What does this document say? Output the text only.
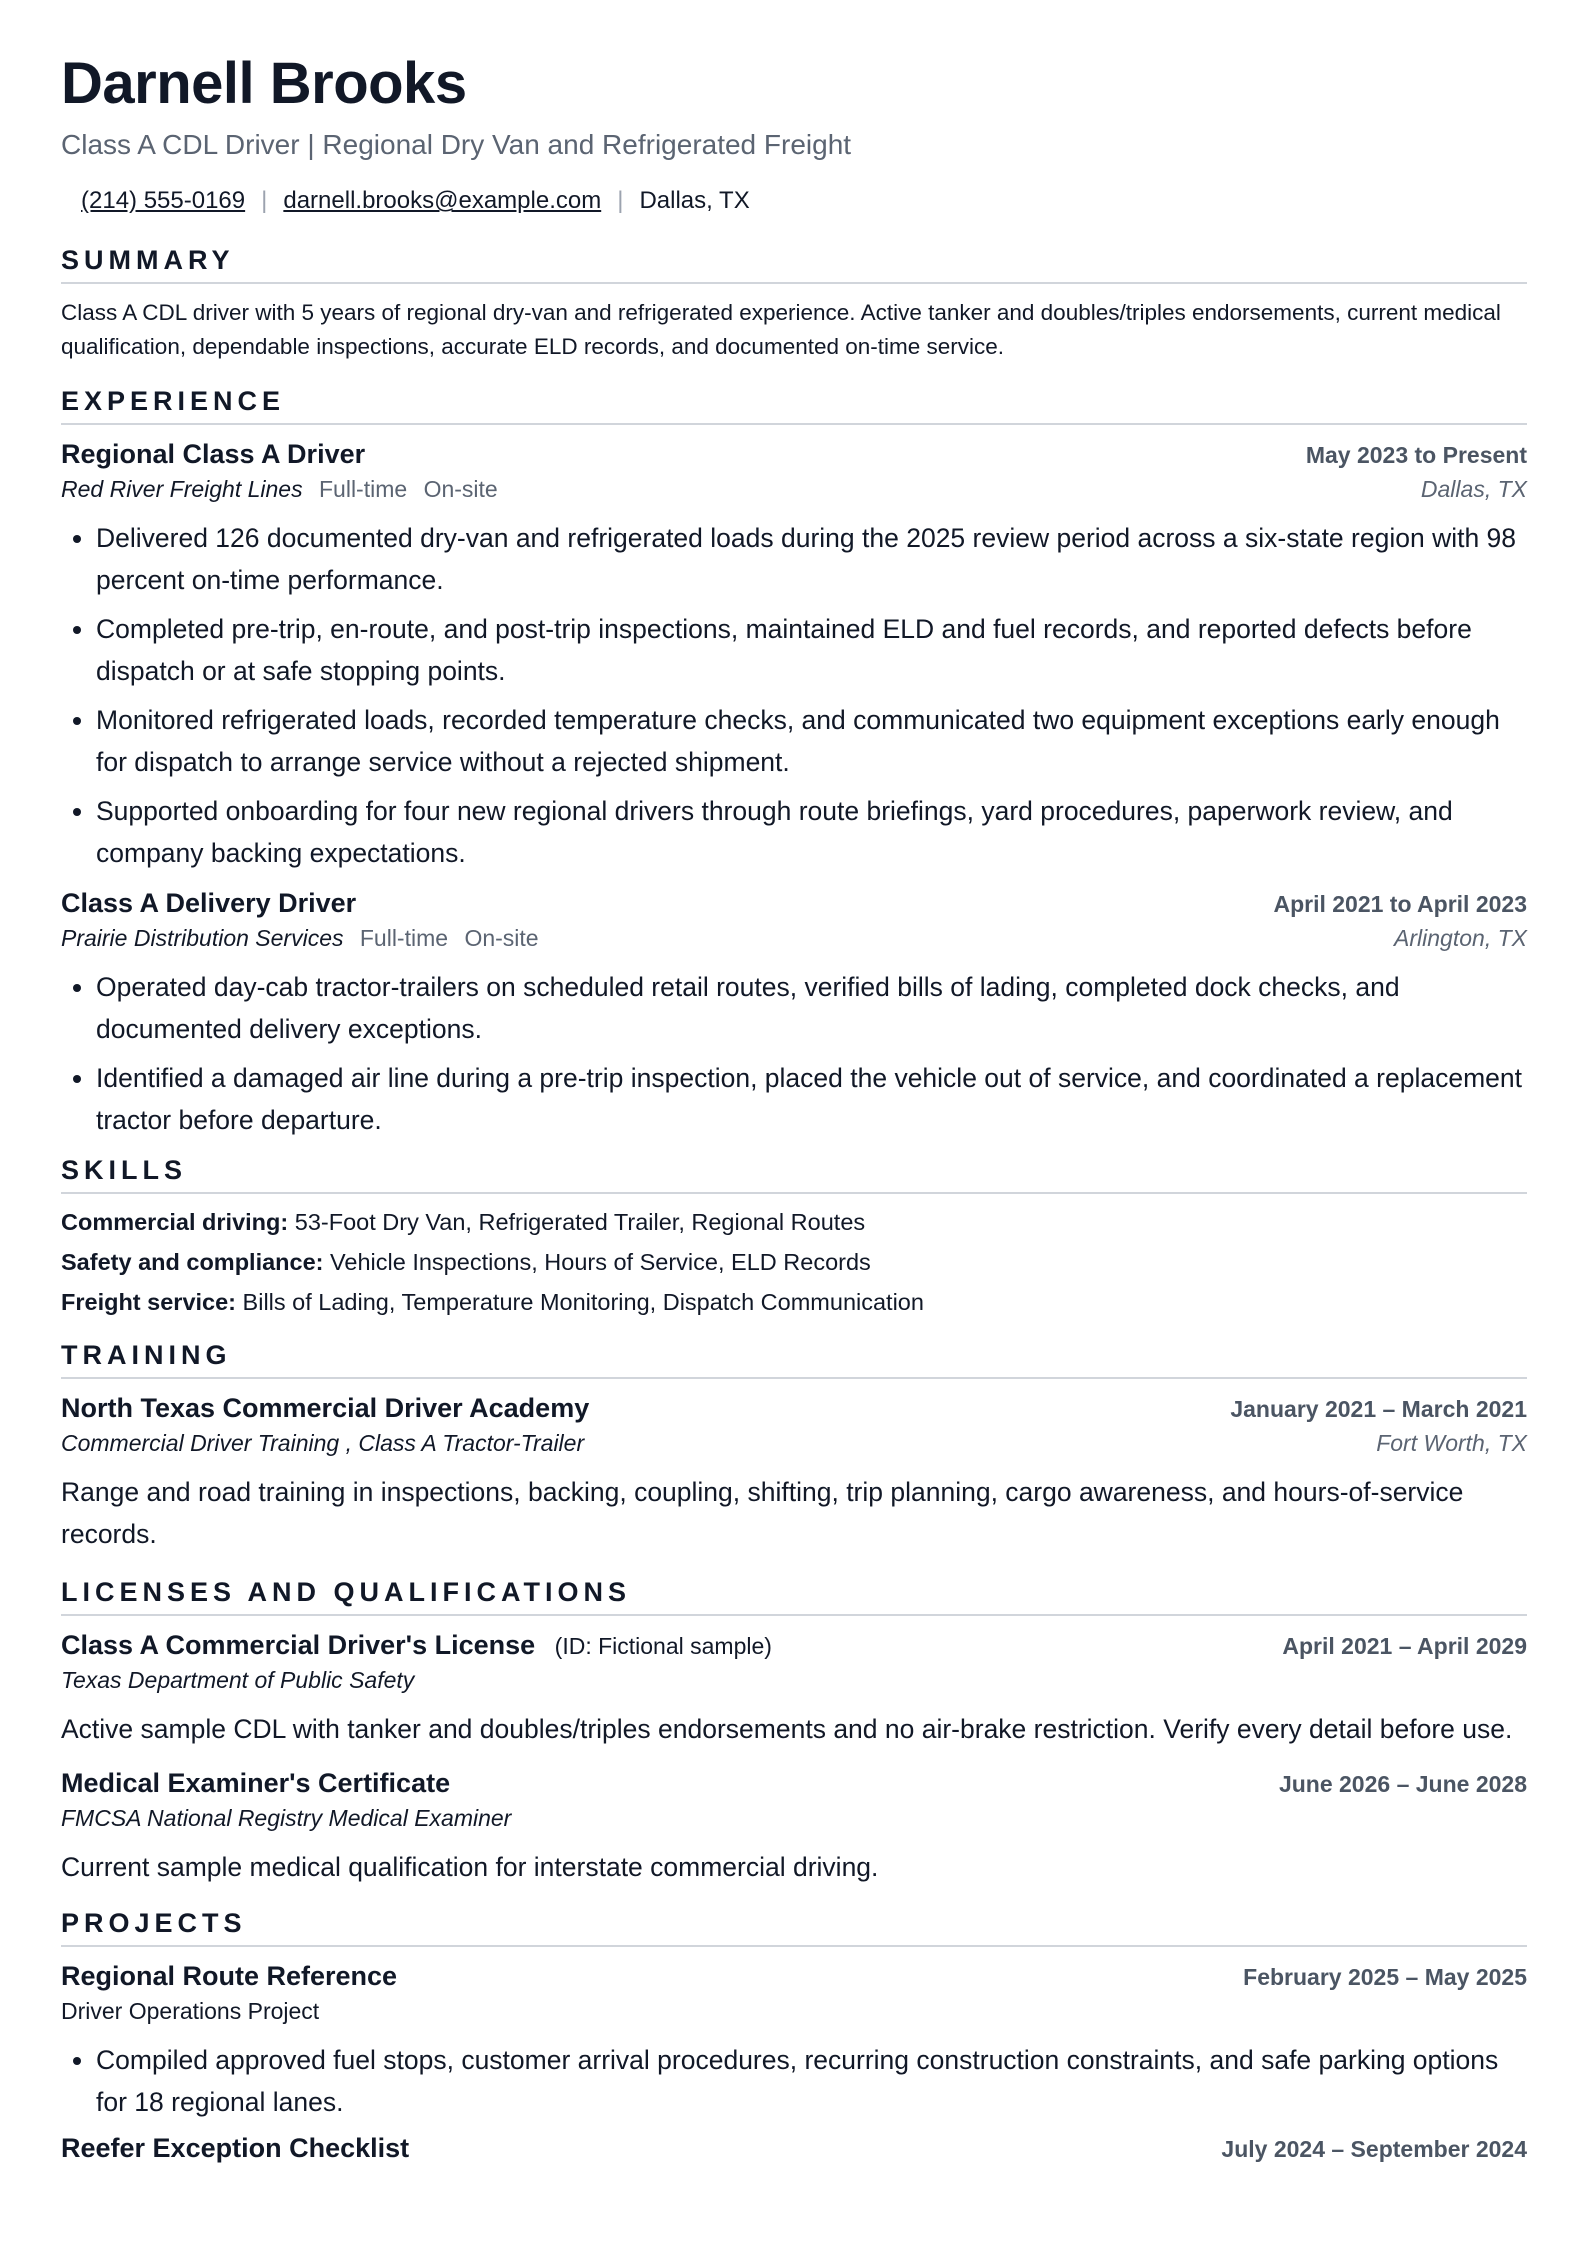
Darnell Brooks
Class A CDL Driver | Regional Dry Van and Refrigerated Freight
(214) 555-0169 | darnell.brooks@example.com | Dallas, TX
SUMMARY
Class A CDL driver with 5 years of regional dry-van and refrigerated experience. Active tanker and doubles/triples endorsements, current medical qualification, dependable inspections, accurate ELD records, and documented on-time service.
EXPERIENCE
Regional Class A Driver	May 2023 to Present
Red River Freight Lines Full-time On-site	Dallas, TX
• Delivered 126 documented dry-van and refrigerated loads during the 2025 review period across a six-state region with 98 percent on-time performance.
• Completed pre-trip, en-route, and post-trip inspections, maintained ELD and fuel records, and reported defects before dispatch or at safe stopping points.
• Monitored refrigerated loads, recorded temperature checks, and communicated two equipment exceptions early enough for dispatch to arrange service without a rejected shipment.
• Supported onboarding for four new regional drivers through route briefings, yard procedures, paperwork review, and company backing expectations.
Class A Delivery Driver	April 2021 to April 2023
Prairie Distribution Services Full-time On-site	Arlington, TX
• Operated day-cab tractor-trailers on scheduled retail routes, verified bills of lading, completed dock checks, and documented delivery exceptions.
• Identified a damaged air line during a pre-trip inspection, placed the vehicle out of service, and coordinated a replacement tractor before departure.
SKILLS
Commercial driving: 53-Foot Dry Van, Refrigerated Trailer, Regional Routes
Safety and compliance: Vehicle Inspections, Hours of Service, ELD Records
Freight service: Bills of Lading, Temperature Monitoring, Dispatch Communication
TRAINING
North Texas Commercial Driver Academy	January 2021 – March 2021
Commercial Driver Training , Class A Tractor-Trailer	Fort Worth, TX
Range and road training in inspections, backing, coupling, shifting, trip planning, cargo awareness, and hours-of-service records.
LICENSES AND QUALIFICATIONS
Class A Commercial Driver's License (ID: Fictional sample)	April 2021 – April 2029
Texas Department of Public Safety
Active sample CDL with tanker and doubles/triples endorsements and no air-brake restriction. Verify every detail before use.
Medical Examiner's Certificate	June 2026 – June 2028
FMCSA National Registry Medical Examiner
Current sample medical qualification for interstate commercial driving.
PROJECTS
Regional Route Reference	February 2025 – May 2025
Driver Operations Project
• Compiled approved fuel stops, customer arrival procedures, recurring construction constraints, and safe parking options for 18 regional lanes.
Reefer Exception Checklist	July 2024 – September 2024
